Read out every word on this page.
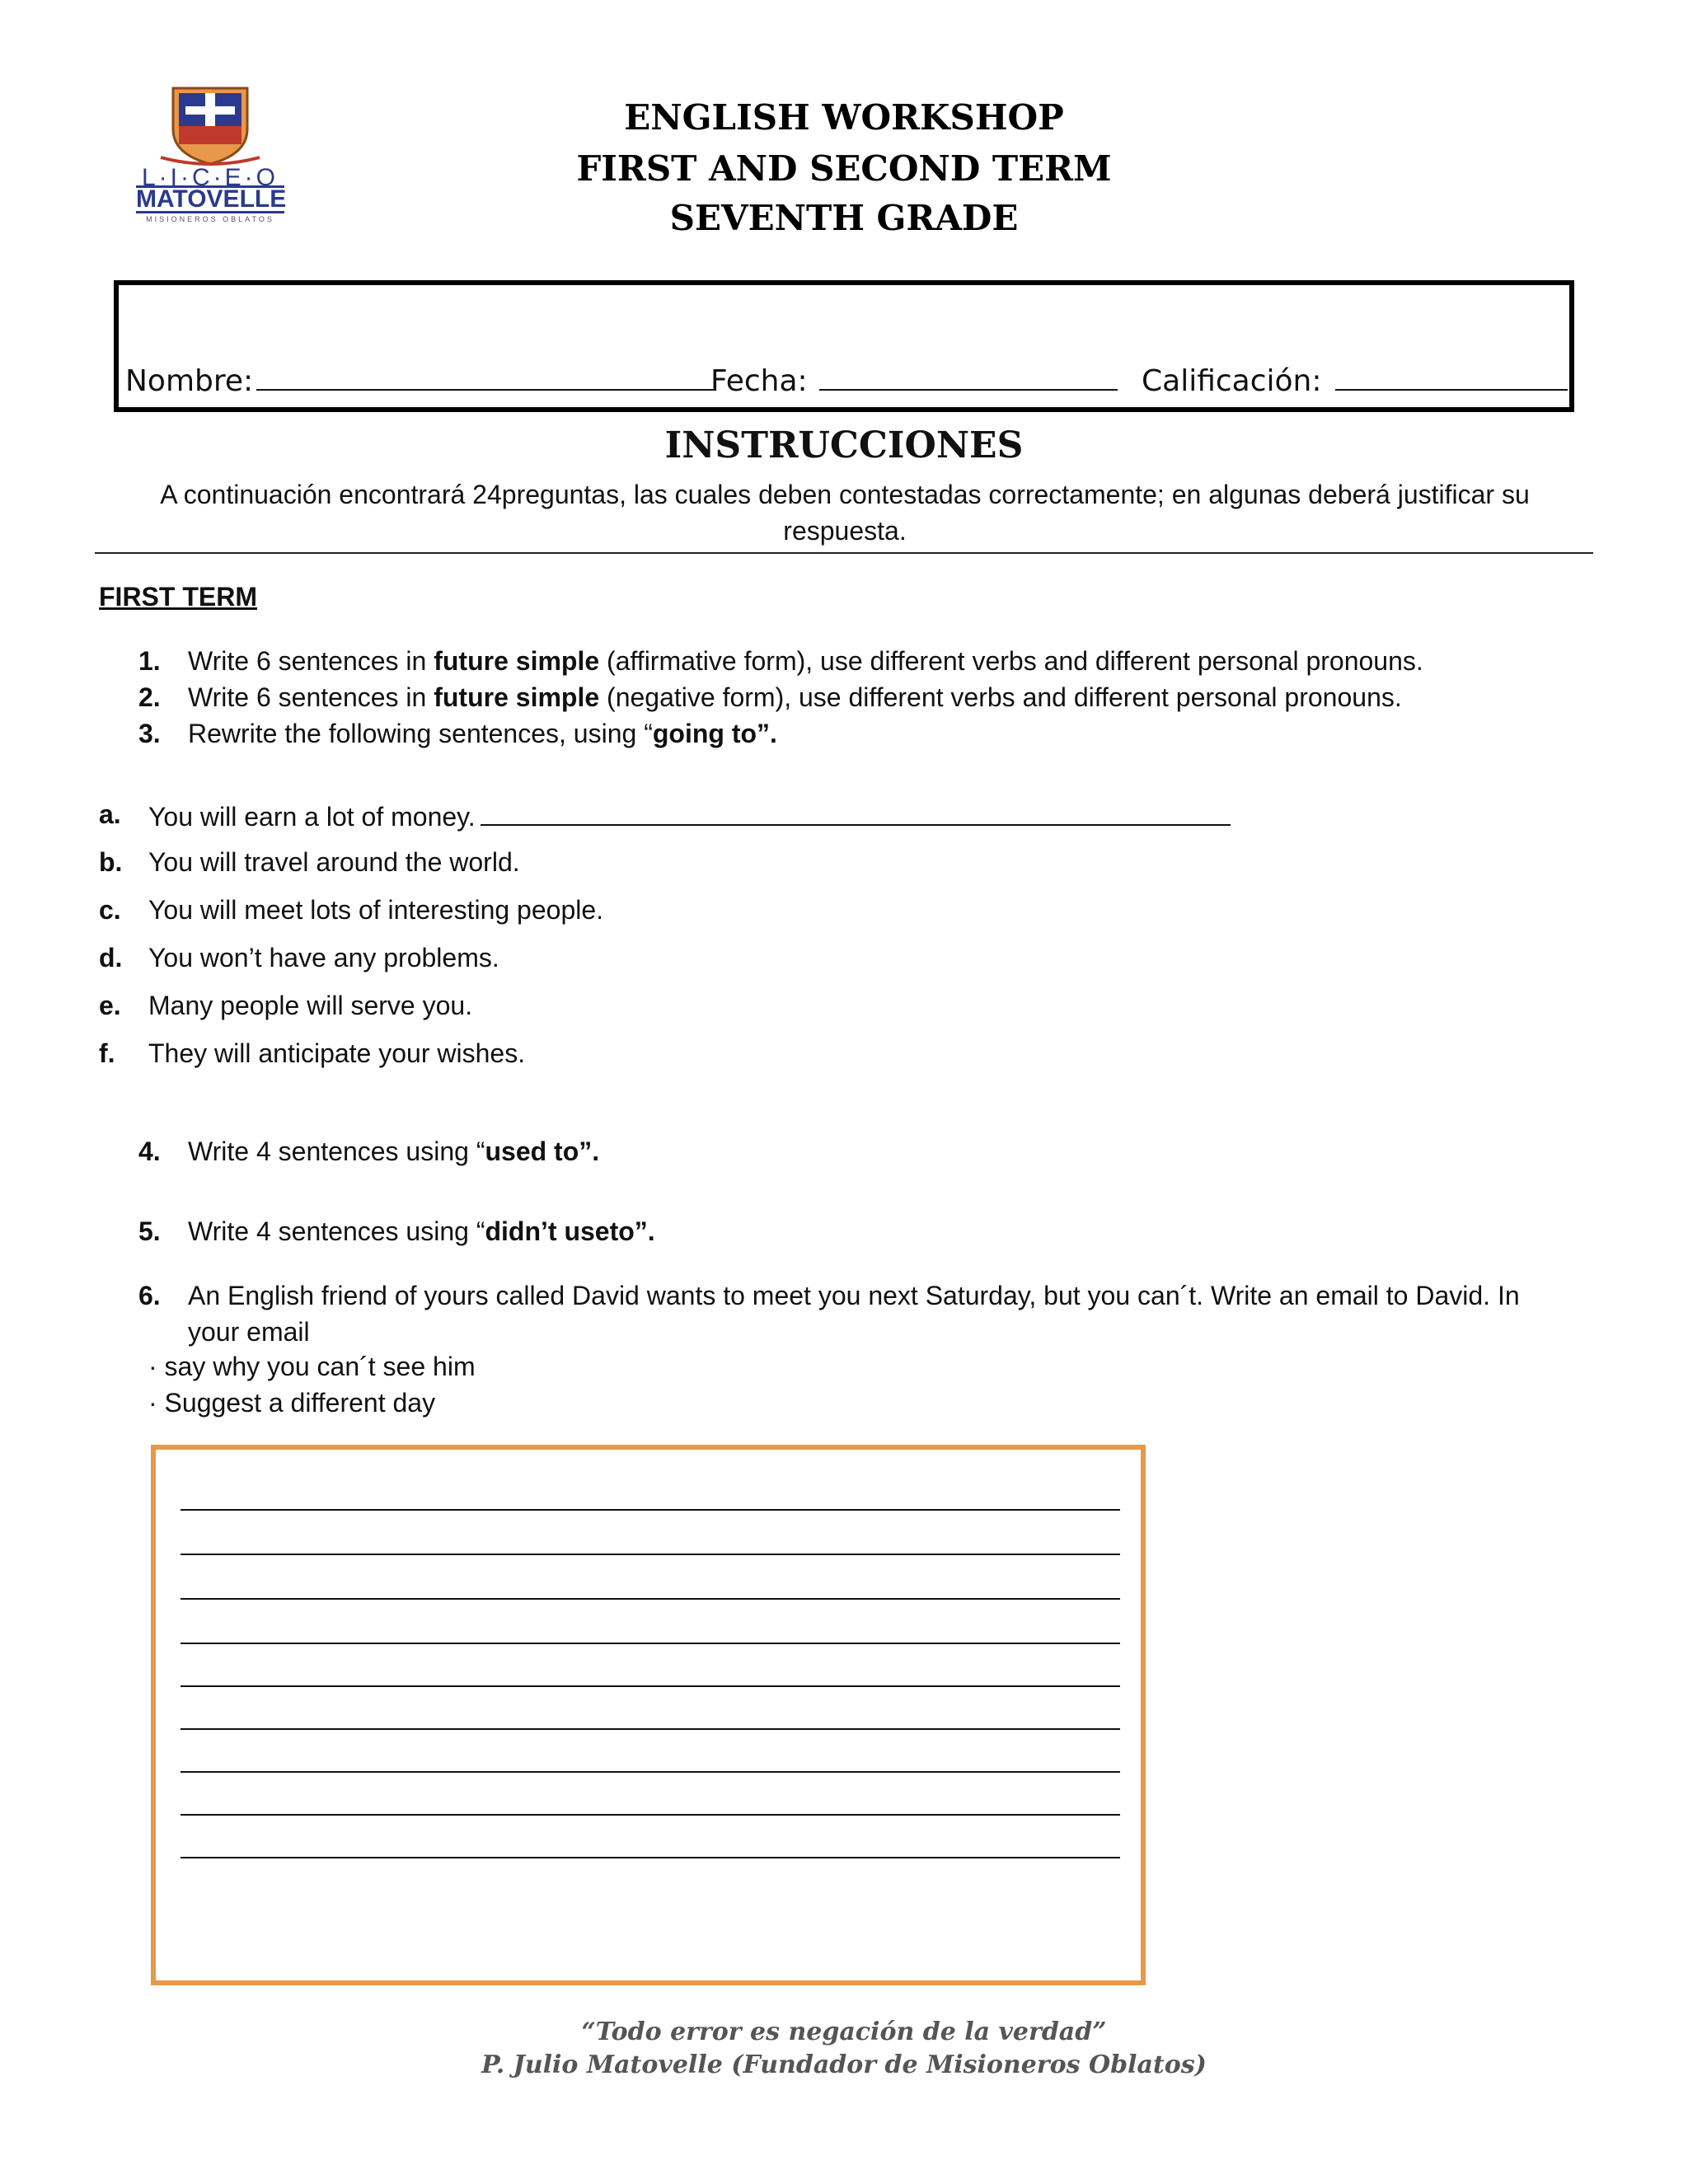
L·I·C·E·O
MATOVELLE
MISIONEROS OBLATOS
ENGLISH WORKSHOP
FIRST AND SECOND TERM
SEVENTH GRADE
Nombre:	Fecha:	Calificación:
INSTRUCCIONES
A continuación encontrará 24preguntas, las cuales deben contestadas correctamente; en algunas deberá justificar su respuesta.
FIRST TERM
1. Write 6 sentences in future simple (affirmative form), use different verbs and different personal pronouns.
2. Write 6 sentences in future simple (negative form), use different verbs and different personal pronouns.
3. Rewrite the following sentences, using “going to”.
a. You will earn a lot of money.
b. You will travel around the world.
c. You will meet lots of interesting people.
d. You won’t have any problems.
e. Many people will serve you.
f. They will anticipate your wishes.
4. Write 4 sentences using “used to”.
5. Write 4 sentences using “didn’t useto”.
6. An English friend of yours called David wants to meet you next Saturday, but you can´t. Write an email to David. In
your email
· say why you can´t see him
· Suggest a different day
“Todo error es negación de la verdad”
P. Julio Matovelle (Fundador de Misioneros Oblatos)
